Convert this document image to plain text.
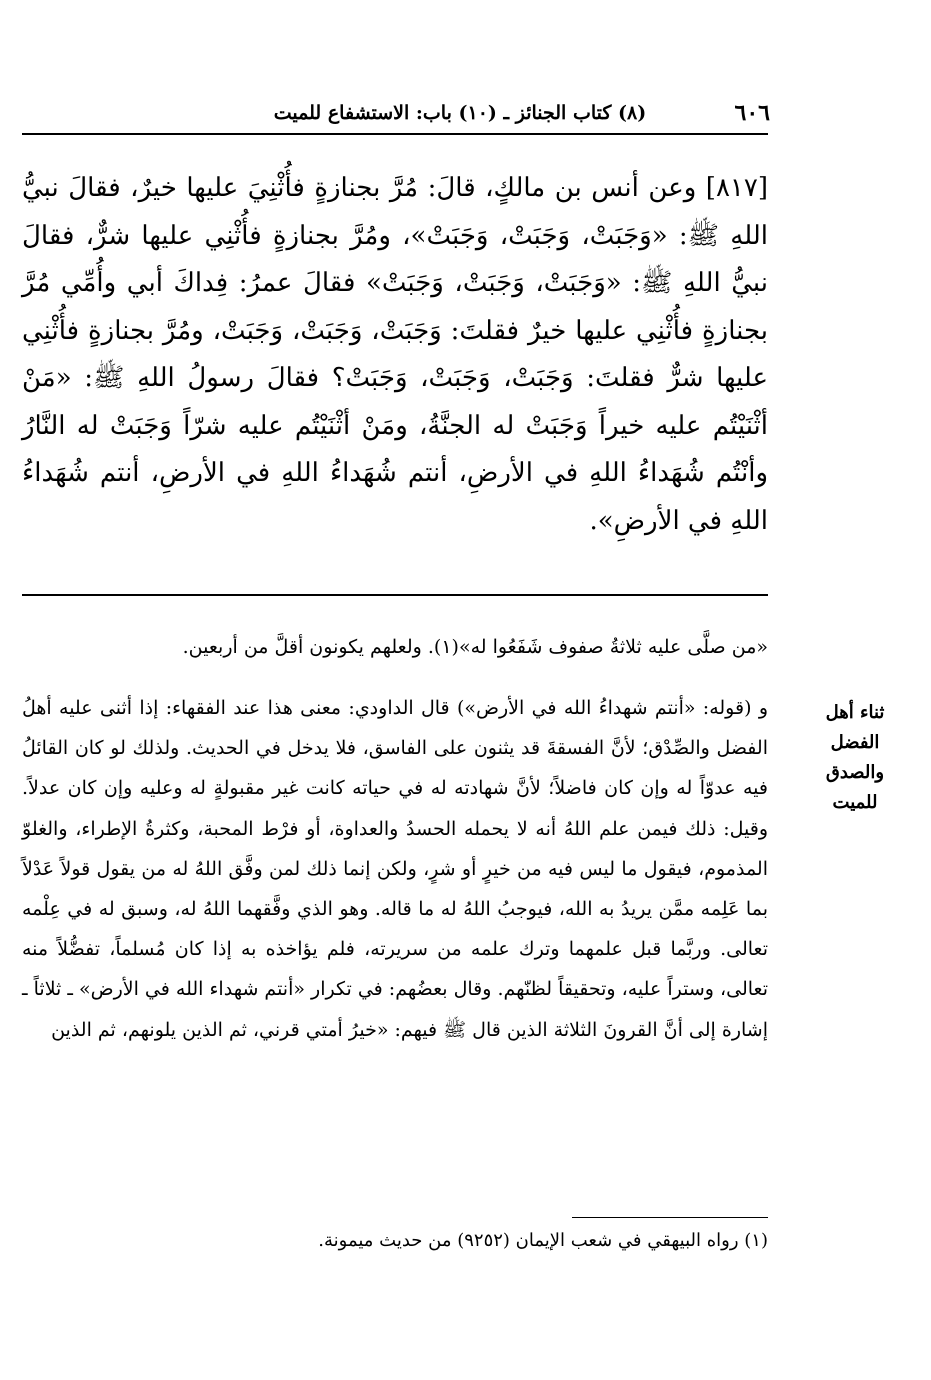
٦٠٦
(٨) كتاب الجنائز ـ (١٠) باب: الاستشفاع للميت
[٨١٧] وعن أنس بن مالكٍ، قالَ: مُرَّ بجنازةٍ فأُثْنِيَ عليها خيرٌ، فقالَ نبيُّ اللهِ ﷺ: «وَجَبَتْ، وَجَبَتْ، وَجَبَتْ»، ومُرَّ بجنازةٍ فأُثْنِي عليها شرٌّ، فقالَ نبيُّ اللهِ ﷺ: «وَجَبَتْ، وَجَبَتْ، وَجَبَتْ» فقالَ عمرُ: فِداكَ أبي وأُمِّي مُرَّ بجنازةٍ فأُثْنِي عليها خيرٌ فقلتَ: وَجَبَتْ، وَجَبَتْ، وَجَبَتْ، ومُرَّ بجنازةٍ فأُثْنِي عليها شرٌّ فقلتَ: وَجَبَتْ، وَجَبَتْ، وَجَبَتْ؟ فقالَ رسولُ اللهِ ﷺ: «مَنْ أثْنَيْتُم عليه خيراً وَجَبَتْ له الجنَّةُ، ومَنْ أثْنَيْتُم عليه شرّاً وَجَبَتْ له النَّارُ وأنْتُم شُهَداءُ اللهِ في الأرضِ، أنتم شُهَداءُ اللهِ في الأرضِ، أنتم شُهَداءُ اللهِ في الأرضِ».
«من صلَّى عليه ثلاثةُ صفوف شَفَعُوا له»(١). ولعلهم يكونون أقلَّ من أربعين.
ثناء أهل
الفضل
والصدق
للميت
و (قوله: «أنتم شهداءُ الله في الأرض») قال الداودي: معنى هذا عند الفقهاء: إذا أثنى عليه أهلُ الفضل والصِّدْق؛ لأنَّ الفسقةَ قد يثنون على الفاسق، فلا يدخل في الحديث. ولذلك لو كان القائلُ فيه عدوّاً له وإن كان فاضلاً؛ لأنَّ شهادته له في حياته كانت غير مقبولةٍ له وعليه وإن كان عدلاً. وقيل: ذلك فيمن علم اللهُ أنه لا يحمله الحسدُ والعداوة، أو فرْط المحبة، وكثرةُ الإطراء، والغلوّ المذموم، فيقول ما ليس فيه من خيرٍ أو شرٍ، ولكن إنما ذلك لمن وفَّق اللهُ له من يقول قولاً عَدْلاً بما عَلِمه ممَّن يريدُ به الله، فيوجبُ اللهُ له ما قاله. وهو الذي وفَّقهما اللهُ له، وسبق له في عِلْمه تعالى. وربَّما قبل علمهما وترك علمه من سريرته، فلم يؤاخذه به إذا كان مُسلماً، تفضُّلاً منه تعالى، وستراً عليه، وتحقيقاً لظنّهم. وقال بعضُهم: في تكرار «أنتم شهداء الله في الأرض» ـ ثلاثاً ـ إشارة إلى أنَّ القرونَ الثلاثة الذين قال ﷺ فيهم: «خيرُ أمتي قرني، ثم الذين يلونهم، ثم الذين
(١) رواه البيهقي في شعب الإيمان (٩٢٥٢) من حديث ميمونة.
